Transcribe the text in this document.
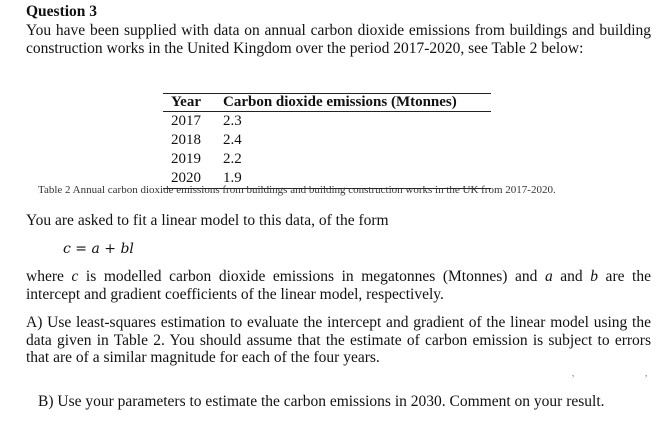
Question 3
You have been supplied with data on annual carbon dioxide emissions from buildings and building construction works in the United Kingdom over the period 2017-2020, see Table 2 below:
Year	Carbon dioxide emissions (Mtonnes)
2017	2.3
2018	2.4
2019	2.2
2020	1.9
Table 2 Annual carbon dioxide emissions from buildings and building construction works in the UK from 2017-2020.
You are asked to fit a linear model to this data, of the form
c = a + bl
where c is modelled carbon dioxide emissions in megatonnes (Mtonnes) and a and b are the intercept and gradient coefficients of the linear model, respectively.
A) Use least-squares estimation to evaluate the intercept and gradient of the linear model using the data given in Table 2. You should assume that the estimate of carbon emission is subject to errors that are of a similar magnitude for each of the four years.
,	,
B) Use your parameters to estimate the carbon emissions in 2030. Comment on your result.
